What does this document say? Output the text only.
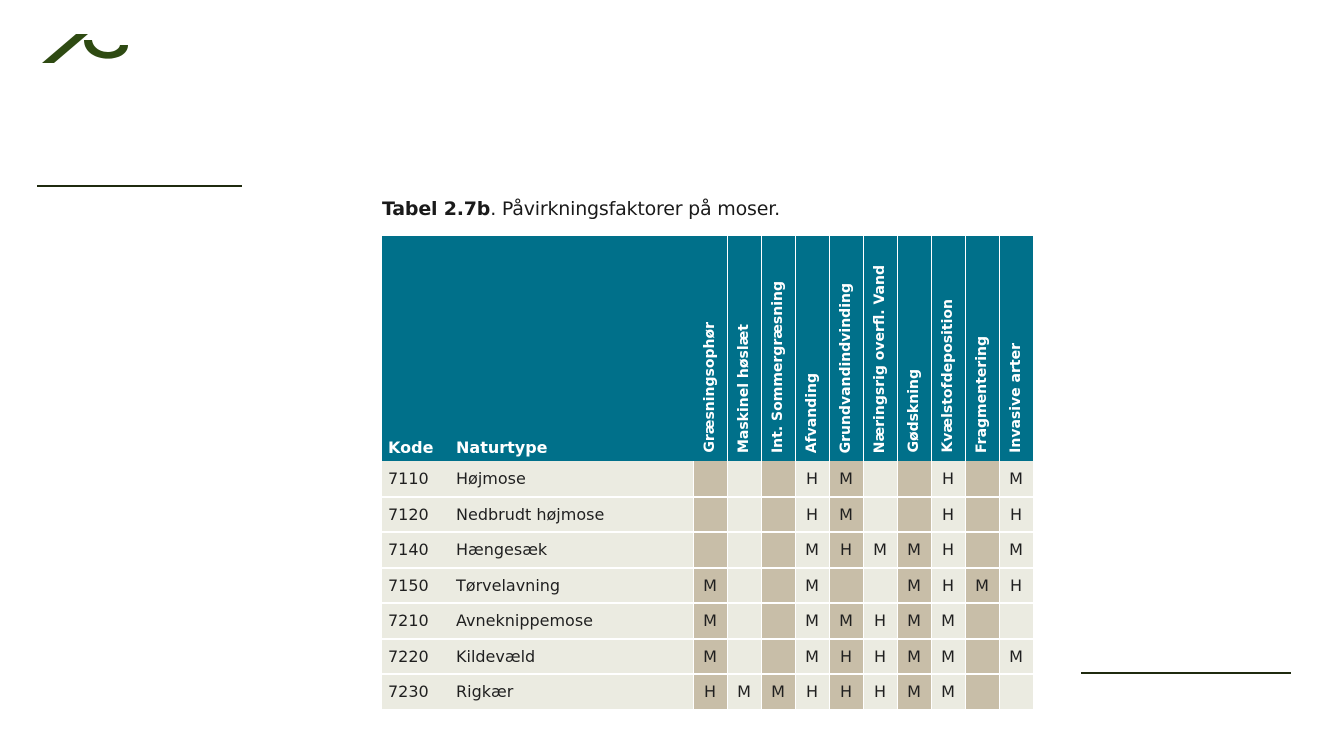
Tabel 2.7b. Påvirkningsfaktorer på moser.
Kode	Naturtype	Græsningsophør	Maskinel høslæt	Int. Sommergræsning	Afvanding	Grundvandindvinding	Næringsrig overfl. Vand	Gødskning	Kvælstofdeposition	Fragmentering	Invasive arter

7110	Højmose				H	M			H		M
7120	Nedbrudt højmose				H	M			H		H
7140	Hængesæk				M	H	M	M	H		M
7150	Tørvelavning	M			M			M	H	M	H
7210	Avneknippemose	M			M	M	H	M	M		
7220	Kildevæld	M			M	H	H	M	M		M
7230	Rigkær	H	M	M	H	H	H	M	M		
